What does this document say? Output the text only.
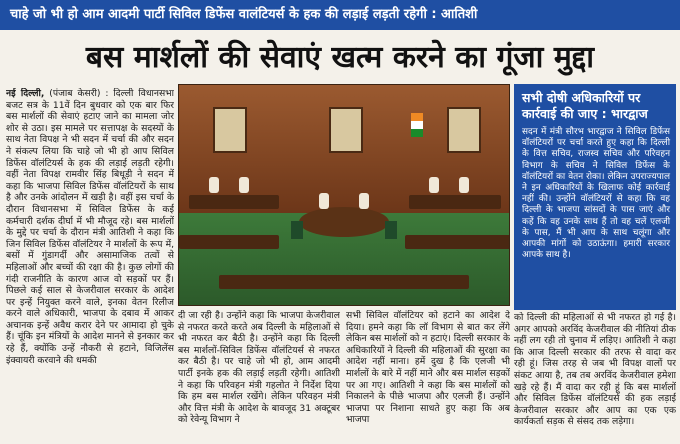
चाहे जो भी हो आम आदमी पार्टी सिविल डिफेंस वालंटियर्स के हक की लड़ाई लड़ती रहेगी : आतिशी
बस मार्शलों की सेवाएं खत्म करने का गूंजा मुद्दा

नई दिल्ली, (पंजाब केसरी) : दिल्ली विधानसभा बजट सत्र के 11वें दिन बुधवार को एक बार फिर बस मार्शलों की सेवाएं हटाए जाने का मामला जोर शोर से उठा। इस मामले पर सत्तापक्ष के सदस्यों के साथ नेता विपक्ष ने भी सदन में चर्चा की और सदन ने संकल्प लिया कि चाहे जो भी हो आप सिविल डिफेंस वॉलंटियर्स के हक की लड़ाई लड़ती रहेगी। वहीं नेता विपक्ष रामवीर सिंह बिधूड़ी ने सदन में कहा कि भाजपा सिविल डिफेंस वॉलंटियरों के साथ है और उनके आंदोलन में खड़ी है। वहीं इस चर्चा के दौरान विधानसभा में सिविल डिफेंस के कई कर्मचारी दर्शक दीर्घा में भी मौजूद रहे। बस मार्शलों के मुद्दे पर चर्चा के दौरान मंत्री आतिशी ने कहा कि जिन सिविल डिफेंस वॉलंटियर ने मार्शलों के रूप में, बसों में गुंडागर्दी और असामाजिक तत्वों से महिलाओं और बच्चों की रक्षा की है। कुछ लोगों की गंदी राजनीति के कारण आज वो सड़कों पर हैं। पिछले कई साल से केजरीवाल सरकार के आदेश पर इन्हें नियुक्त करने वाले, इनका वेतन रिलीज करने वाले अधिकारी, भाजपा के दबाव में आकर अचानक इन्हें अवैध करार देने पर आमादा हो चुके हैं। चूंकि इन मंत्रियों के आदेश मानने से इनकार कर रहे हैं, क्योंकि उन्हें नौकरी से हटाने, विजिलेंस इंक्वायरी करवाने की धमकी

सभी दोषी अधिकारियों पर कार्रवाई की जाए : भारद्वाज
सदन में मंत्री सौरभ भारद्वाज ने सिविल डिफेंस वॉलंटियरों पर चर्चा करते हुए कहा कि दिल्ली के वित्त सचिव, राजस्व सचिव और परिवहन विभाग के सचिव ने सिविल डिफेंस के वॉलंटियरों का वेतन रोका। लेकिन उपराज्यपाल ने इन अधिकारियों के खिलाफ कोई कार्रवाई नहीं की। उन्होंने वॉलंटियरों से कहा कि वह दिल्ली के भाजपा सांसदों के पास जाएं और कहें कि वह उनके साथ हैं तो वह चलें एलजी के पास, मैं भी आप के साथ चलूंगा और आपकी मांगों को उठाऊंगा। हमारी सरकार आपके साथ है।

दी जा रही है। उन्होंने कहा कि भाजपा केजरीवाल से नफरत करते करते अब दिल्ली के महिलाओं से भी नफरत कर बैठी है। उन्होंने कहा कि दिल्ली बस मार्शलों-सिविल डिफेंस वॉलंटियर्स से नफरत कर बैठी है। पर चाहे जो भी हो, आम आदमी पार्टी इनके हक की लड़ाई लड़ती रहेगी। आतिशी ने कहा कि परिवहन मंत्री गहलोत ने निर्देश दिया कि हम बस मार्शल रखेंगे। लेकिन परिवहन मंत्री और वित्त मंत्री के आदेश के बावजूद 31 अक्टूबर को रेवेन्यू विभाग ने

सभी सिविल वॉलंटियर को हटाने का आदेश दे दिया। हमने कहा कि लॉ विभाग से बात कर लेंगे लेकिन बस मार्शलों को न हटाएं। दिल्ली सरकार के अधिकारियों ने दिल्ली की महिलाओं की सुरक्षा का आदेश नहीं माना। हमें दुख है कि एलजी भी मार्शलों के बारे में नहीं माने और बस मार्शल सड़कों पर आ गए। आतिशी ने कहा कि बस मार्शलों को निकालने के पीछे भाजपा और एलजी हैं। उन्होंने भाजपा पर निशाना साधते हुए कहा कि अब भाजपा

को दिल्ली की महिलाओं से भी नफरत हो गई है। अगर आपको अरविंद केजरीवाल की नीतियां ठीक नहीं लग रही तो चुनाव में लड़िए। आतिशी ने कहा कि आज दिल्ली सरकार की तरफ से वादा कर रही हूं। जिस तरह से जब भी विपक्ष वालों पर संकट आया है, तब तब अरविंद केजरीवाल हमेशा खड़े रहे हैं। मैं वादा कर रही हूं कि बस मार्शलों और सिविल डिफेंस वॉलंटियर्स की हक लड़ाई केजरीवाल सरकार और आप का एक एक कार्यकर्ता सड़क से संसद तक लड़ेगा।
